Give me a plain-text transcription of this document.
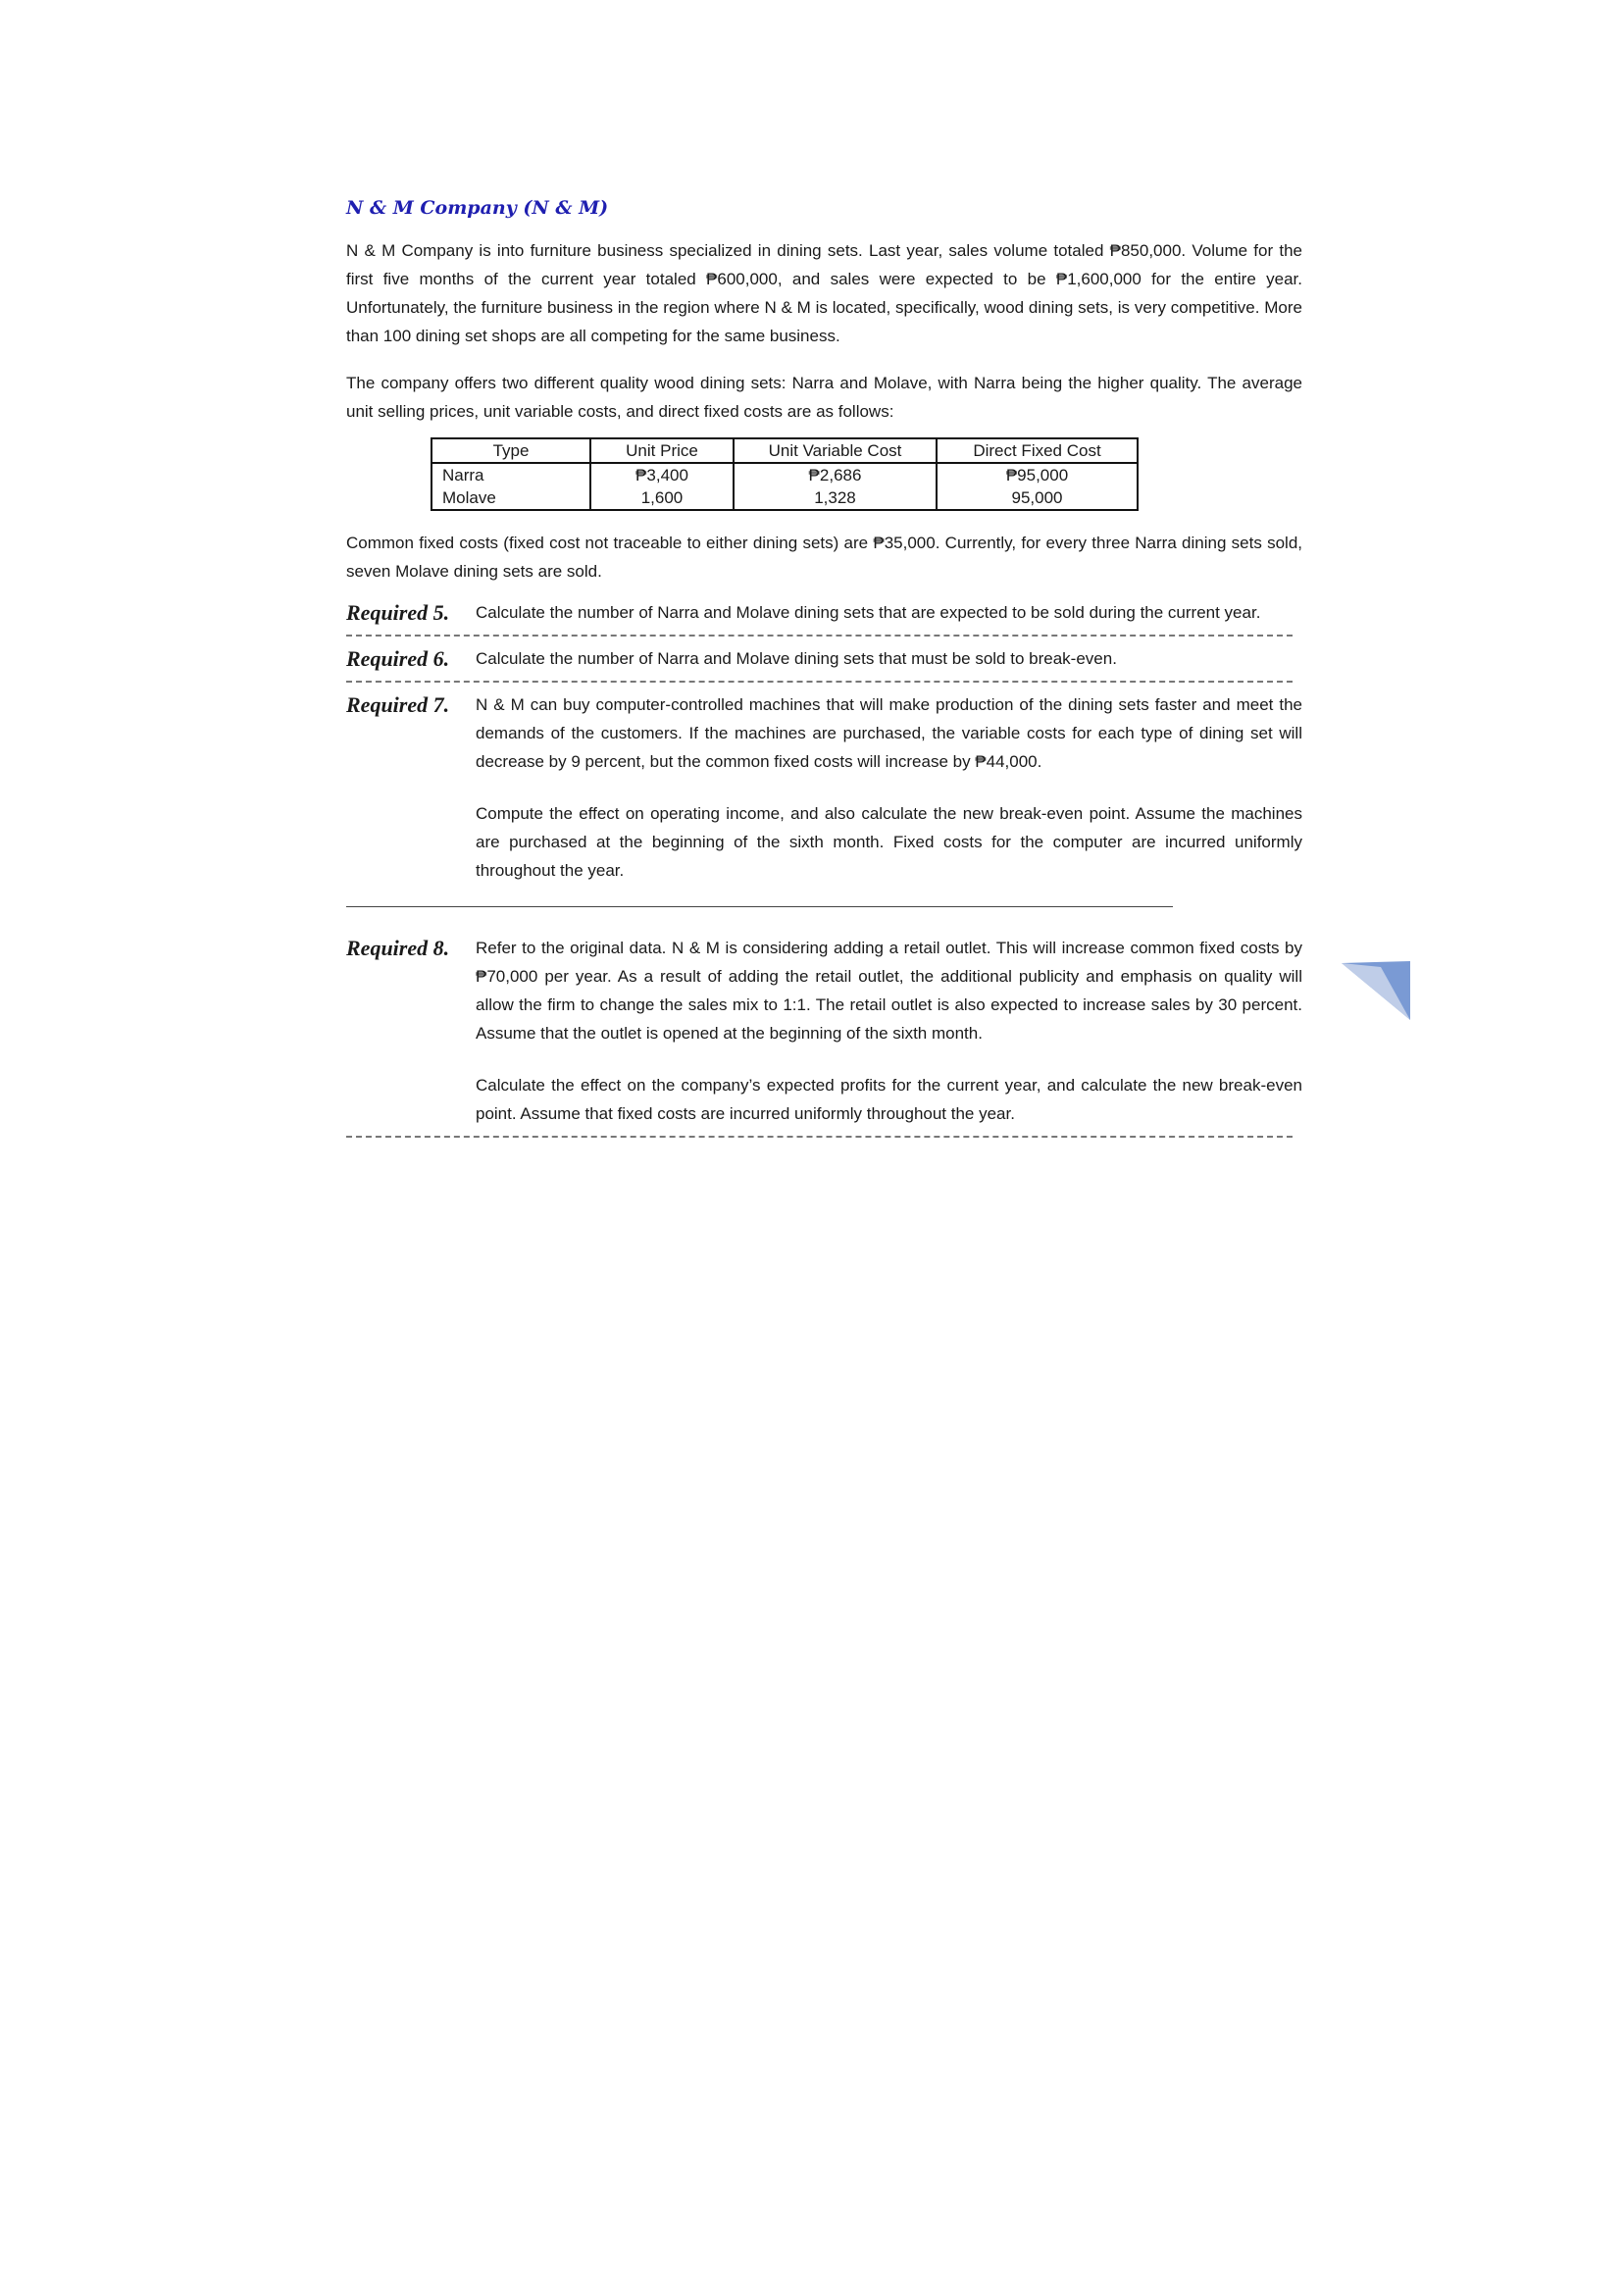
N & M Company (N & M)

N & M Company is into furniture business specialized in dining sets. Last year, sales volume totaled ₱850,000. Volume for the first five months of the current year totaled ₱600,000, and sales were expected to be ₱1,600,000 for the entire year. Unfortunately, the furniture business in the region where N & M is located, specifically, wood dining sets, is very competitive. More than 100 dining set shops are all competing for the same business.

The company offers two different quality wood dining sets: Narra and Molave, with Narra being the higher quality. The average unit selling prices, unit variable costs, and direct fixed costs are as follows:

Type	Unit Price	Unit Variable Cost	Direct Fixed Cost
Narra	₱3,400	₱2,686	₱95,000
Molave	1,600	1,328	95,000

Common fixed costs (fixed cost not traceable to either dining sets) are ₱35,000. Currently, for every three Narra dining sets sold, seven Molave dining sets are sold.

Required 5.	Calculate the number of Narra and Molave dining sets that are expected to be sold during the current year.

Required 6.	Calculate the number of Narra and Molave dining sets that must be sold to break-even.

Required 7.	N & M can buy computer-controlled machines that will make production of the dining sets faster and meet the demands of the customers. If the machines are purchased, the variable costs for each type of dining set will decrease by 9 percent, but the common fixed costs will increase by ₱44,000.

Compute the effect on operating income, and also calculate the new break-even point. Assume the machines are purchased at the beginning of the sixth month. Fixed costs for the computer are incurred uniformly throughout the year.

Required 8.	Refer to the original data. N & M is considering adding a retail outlet. This will increase common fixed costs by ₱70,000 per year. As a result of adding the retail outlet, the additional publicity and emphasis on quality will allow the firm to change the sales mix to 1:1. The retail outlet is also expected to increase sales by 30 percent. Assume that the outlet is opened at the beginning of the sixth month.

Calculate the effect on the company’s expected profits for the current year, and calculate the new break-even point. Assume that fixed costs are incurred uniformly throughout the year.
